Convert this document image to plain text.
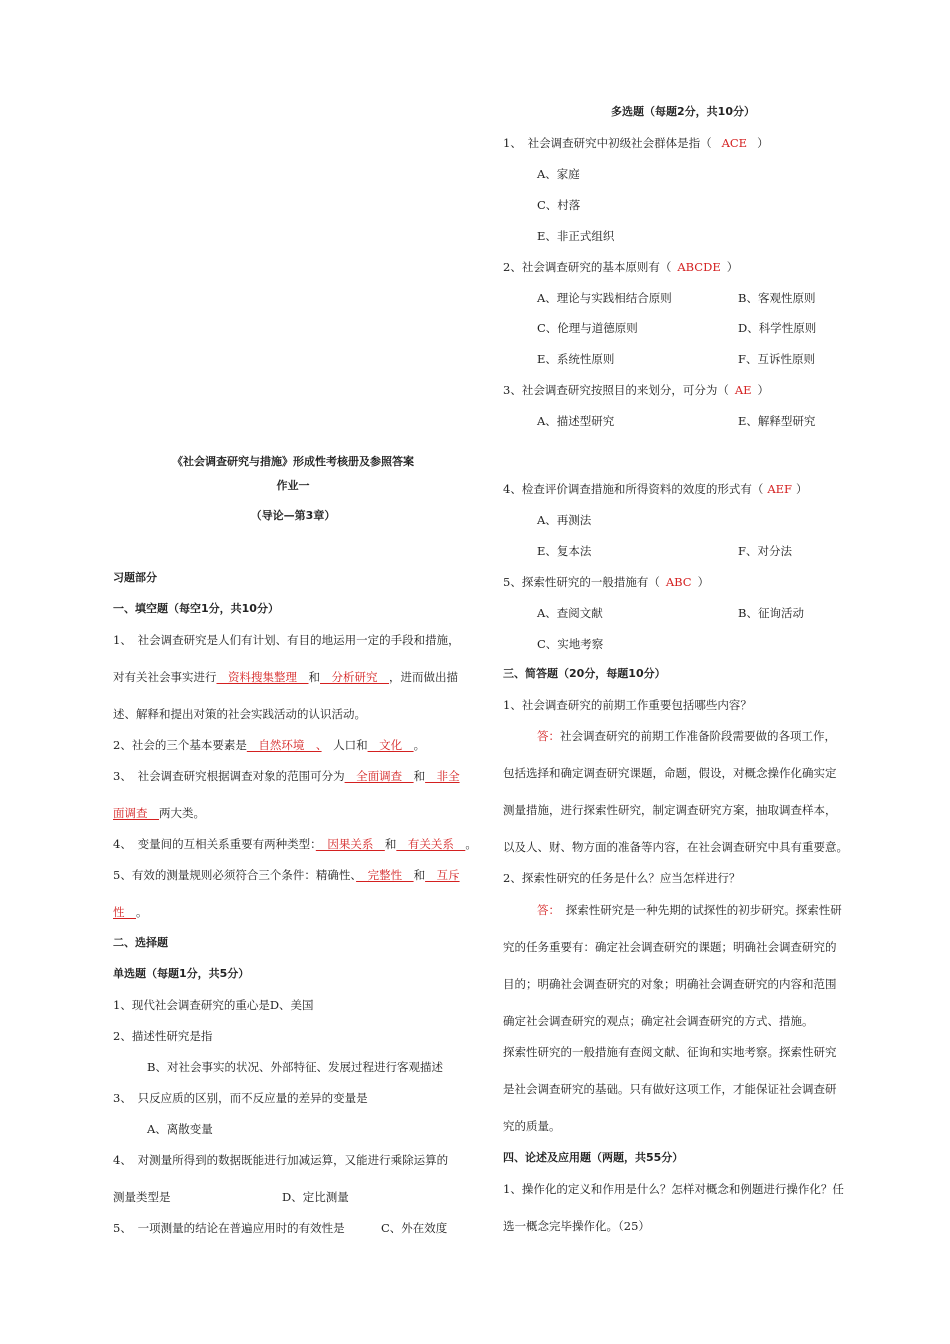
《社会调查研究与措施》形成性考核册及参照答案
作业一
（导论—第3章）
习题部分
一、填空题（每空1分，共10分）
1、　社会调查研究是人们有计划、有目的地运用一定的手段和措施，
对有关社会事实进行　资料搜集整理　和　分析研究　，进而做出描
述、解释和提出对策的社会实践活动的认识活动。
2、社会的三个基本要素是　自然环境　、　人口和　文化　。
3、　社会调查研究根据调查对象的范围可分为　全面调查　和　非全
面调查　两大类。
4、　变量间的互相关系重要有两种类型：　因果关系　和　有关关系　。
5、有效的测量规则必须符合三个条件：精确性、　完整性　和　互斥
性　。
二、选择题
单选题（每题1分，共5分）
1、现代社会调查研究的重心是D、美国
2、描述性研究是指
B、对社会事实的状况、外部特征、发展过程进行客观描述
3、　只反应质的区别，而不反应量的差异的变量是
A、离散变量
4、　对测量所得到的数据既能进行加减运算，又能进行乘除运算的
测量类型是	D、定比测量
5、　一项测量的结论在普遍应用时的有效性是	C、外在效度
多选题（每题2分，共10分）
1、　社会调查研究中初级社会群体是指（ ACE ）
A、家庭
C、村落
E、非正式组织
2、社会调查研究的基本原则有（ ABCDE ）
A、理论与实践相结合原则	B、客观性原则
C、伦理与道德原则	D、科学性原则
E、系统性原则	F、互诉性原则
3、社会调查研究按照目的来划分，可分为（ AE ）
A、描述型研究	E、解释型研究
4、检查评价调查措施和所得资料的效度的形式有（ AEF ）
A、再测法
E、复本法	F、对分法
5、探索性研究的一般措施有（ ABC ）
A、查阅文献	B、征询活动
C、实地考察
三、简答题（20分，每题10分）
1、社会调查研究的前期工作重要包括哪些内容？
答：社会调查研究的前期工作准备阶段需要做的各项工作，
包括选择和确定调查研究课题，命题，假设，对概念操作化确实定
测量措施，进行探索性研究，制定调查研究方案，抽取调查样本，
以及人、财、物方面的准备等内容，在社会调查研究中具有重要意。
2、探索性研究的任务是什么？应当怎样进行？
答：　探索性研究是一种先期的试探性的初步研究。探索性研
究的任务重要有：确定社会调查研究的课题；明确社会调查研究的
目的；明确社会调查研究的对象；明确社会调查研究的内容和范围
确定社会调查研究的观点；确定社会调查研究的方式、措施。
探索性研究的一般措施有查阅文献、征询和实地考察。探索性研究
是社会调查研究的基础。只有做好这项工作，才能保证社会调查研
究的质量。
四、论述及应用题（两题，共55分）
1、操作化的定义和作用是什么？怎样对概念和例题进行操作化？任
选一概念完毕操作化。（25）
